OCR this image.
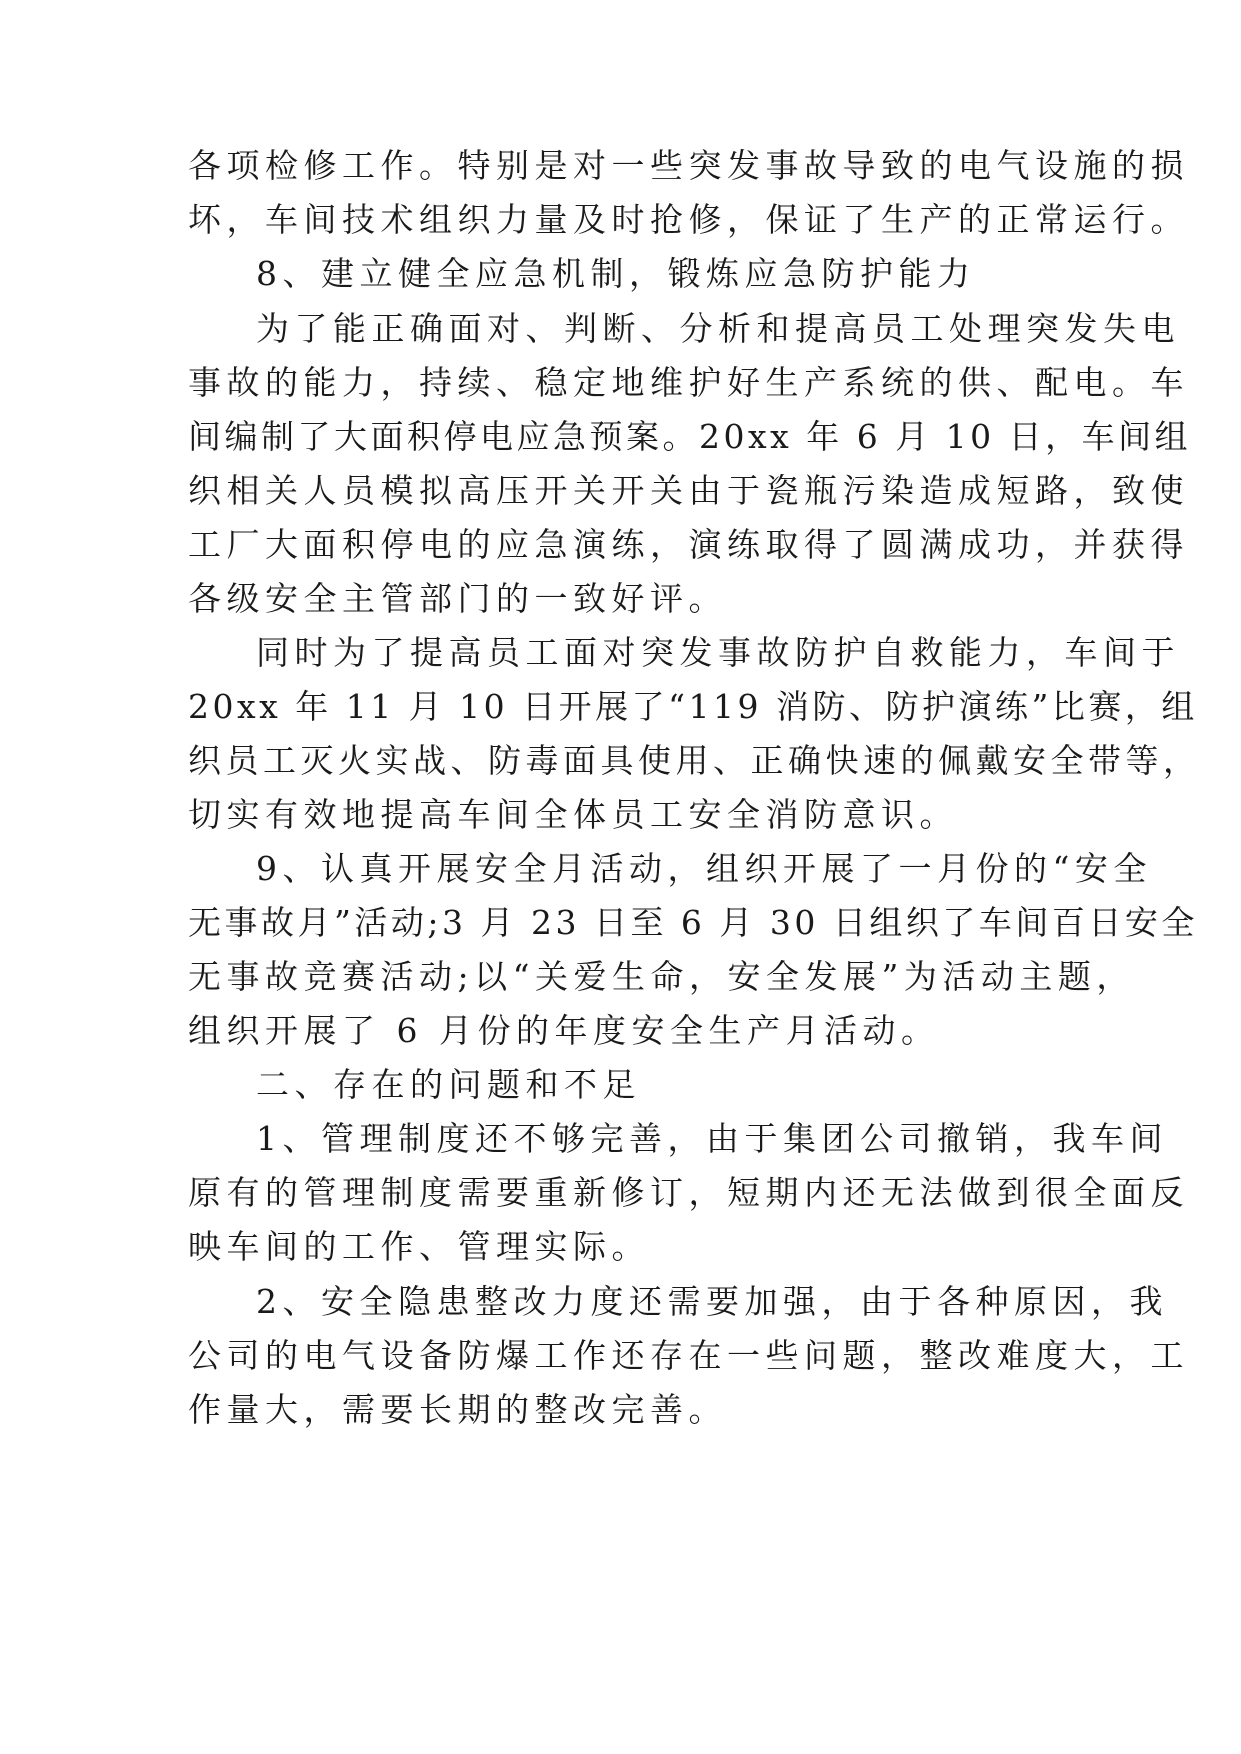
各项检修工作。特别是对一些突发事故导致的电气设施的损
坏，车间技术组织力量及时抢修，保证了生产的正常运行。
8、建立健全应急机制，锻炼应急防护能力
为了能正确面对、判断、分析和提高员工处理突发失电
事故的能力，持续、稳定地维护好生产系统的供、配电。车
间编制了大面积停电应急预案。20xx 年 6 月 10 日，车间组
织相关人员模拟高压开关开关由于瓷瓶污染造成短路，致使
工厂大面积停电的应急演练，演练取得了圆满成功，并获得
各级安全主管部门的一致好评。
同时为了提高员工面对突发事故防护自救能力，车间于
20xx 年 11 月 10 日开展了“119 消防、防护演练”比赛，组
织员工灭火实战、防毒面具使用、正确快速的佩戴安全带等，
切实有效地提高车间全体员工安全消防意识。
9、认真开展安全月活动，组织开展了一月份的“安全
无事故月”活动;3 月 23 日至 6 月 30 日组织了车间百日安全
无事故竞赛活动;以“关爱生命，安全发展”为活动主题，
组织开展了 6 月份的年度安全生产月活动。
二、存在的问题和不足
1、管理制度还不够完善，由于集团公司撤销，我车间
原有的管理制度需要重新修订，短期内还无法做到很全面反
映车间的工作、管理实际。
2、安全隐患整改力度还需要加强，由于各种原因，我
公司的电气设备防爆工作还存在一些问题，整改难度大，工
作量大，需要长期的整改完善。
